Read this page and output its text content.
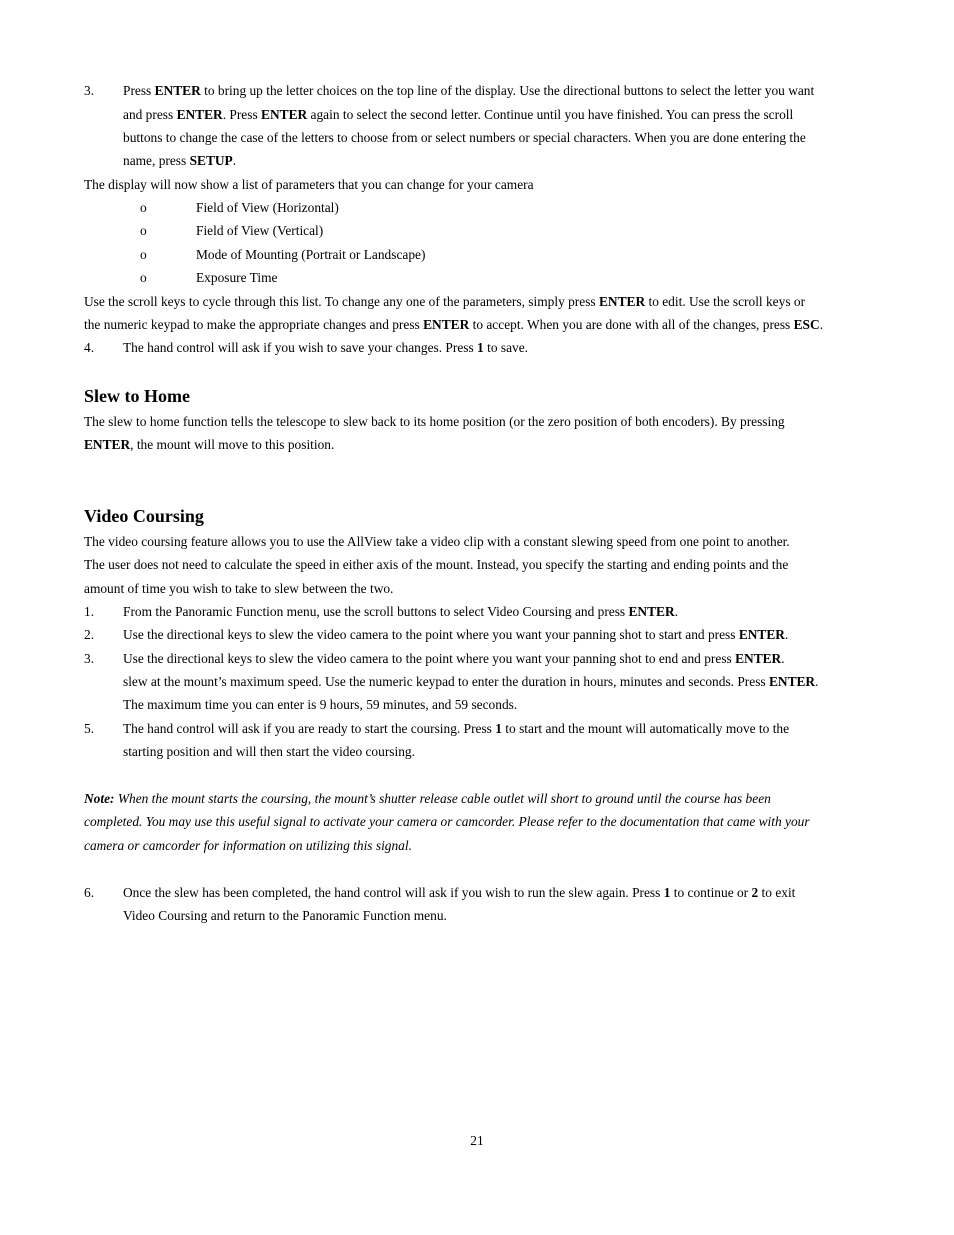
3. Press ENTER to bring up the letter choices on the top line of the display. Use the directional buttons to select the letter you want
and press ENTER. Press ENTER again to select the second letter. Continue until you have finished. You can press the scroll
buttons to change the case of the letters to choose from or select numbers or special characters. When you are done entering the
name, press SETUP.
The display will now show a list of parameters that you can change for your camera
o	Field of View (Horizontal)
o	Field of View (Vertical)
o	Mode of Mounting (Portrait or Landscape)
o	Exposure Time
Use the scroll keys to cycle through this list. To change any one of the parameters, simply press ENTER to edit. Use the scroll keys or
the numeric keypad to make the appropriate changes and press ENTER to accept. When you are done with all of the changes, press ESC.
4. The hand control will ask if you wish to save your changes. Press 1 to save.
Slew to Home
The slew to home function tells the telescope to slew back to its home position (or the zero position of both encoders). By pressing
ENTER, the mount will move to this position.
Video Coursing
The video coursing feature allows you to use the AllView take a video clip with a constant slewing speed from one point to another.
The user does not need to calculate the speed in either axis of the mount. Instead, you specify the starting and ending points and the
amount of time you wish to take to slew between the two.
1. From the Panoramic Function menu, use the scroll buttons to select Video Coursing and press ENTER.
2. Use the directional keys to slew the video camera to the point where you want your panning shot to start and press ENTER.
3. Use the directional keys to slew the video camera to the point where you want your panning shot to end and press ENTER.
slew at the mount’s maximum speed. Use the numeric keypad to enter the duration in hours, minutes and seconds. Press ENTER.
The maximum time you can enter is 9 hours, 59 minutes, and 59 seconds.
5. The hand control will ask if you are ready to start the coursing. Press 1 to start and the mount will automatically move to the
starting position and will then start the video coursing.
Note: When the mount starts the coursing, the mount’s shutter release cable outlet will short to ground until the course has been
completed. You may use this useful signal to activate your camera or camcorder. Please refer to the documentation that came with your
camera or camcorder for information on utilizing this signal.
6. Once the slew has been completed, the hand control will ask if you wish to run the slew again. Press 1 to continue or 2 to exit
Video Coursing and return to the Panoramic Function menu.
21
